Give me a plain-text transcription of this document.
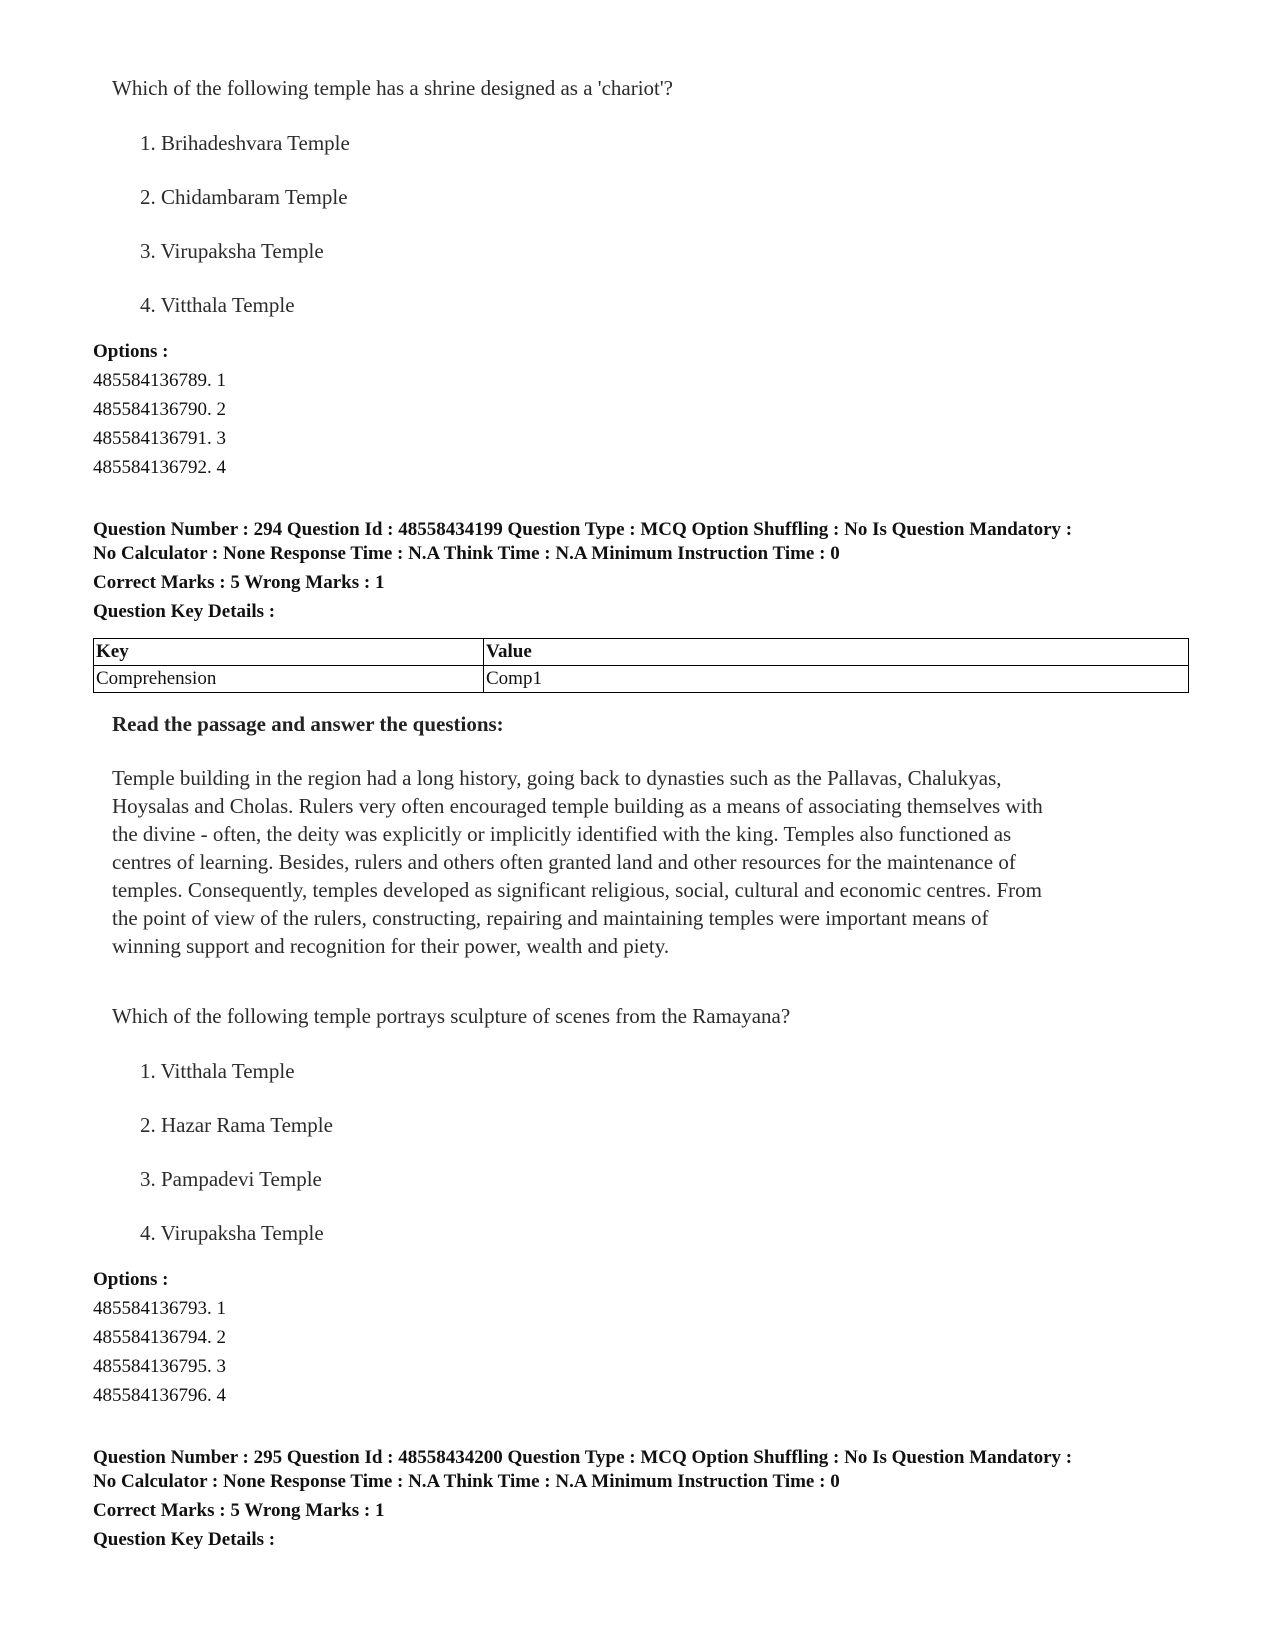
Which of the following temple has a shrine designed as a 'chariot'?
1. Brihadeshvara Temple
2. Chidambaram Temple
3. Virupaksha Temple
4. Vitthala Temple
Options :
485584136789. 1
485584136790. 2
485584136791. 3
485584136792. 4
Question Number : 294 Question Id : 48558434199 Question Type : MCQ Option Shuffling : No Is Question Mandatory :
No Calculator : None Response Time : N.A Think Time : N.A Minimum Instruction Time : 0
Correct Marks : 5 Wrong Marks : 1
Question Key Details :
Key	Value
Comprehension	Comp1
Read the passage and answer the questions:
Temple building in the region had a long history, going back to dynasties such as the Pallavas, Chalukyas,
Hoysalas and Cholas. Rulers very often encouraged temple building as a means of associating themselves with
the divine - often, the deity was explicitly or implicitly identified with the king. Temples also functioned as
centres of learning. Besides, rulers and others often granted land and other resources for the maintenance of
temples. Consequently, temples developed as significant religious, social, cultural and economic centres. From
the point of view of the rulers, constructing, repairing and maintaining temples were important means of
winning support and recognition for their power, wealth and piety.
Which of the following temple portrays sculpture of scenes from the Ramayana?
1. Vitthala Temple
2. Hazar Rama Temple
3. Pampadevi Temple
4. Virupaksha Temple
Options :
485584136793. 1
485584136794. 2
485584136795. 3
485584136796. 4
Question Number : 295 Question Id : 48558434200 Question Type : MCQ Option Shuffling : No Is Question Mandatory :
No Calculator : None Response Time : N.A Think Time : N.A Minimum Instruction Time : 0
Correct Marks : 5 Wrong Marks : 1
Question Key Details :
